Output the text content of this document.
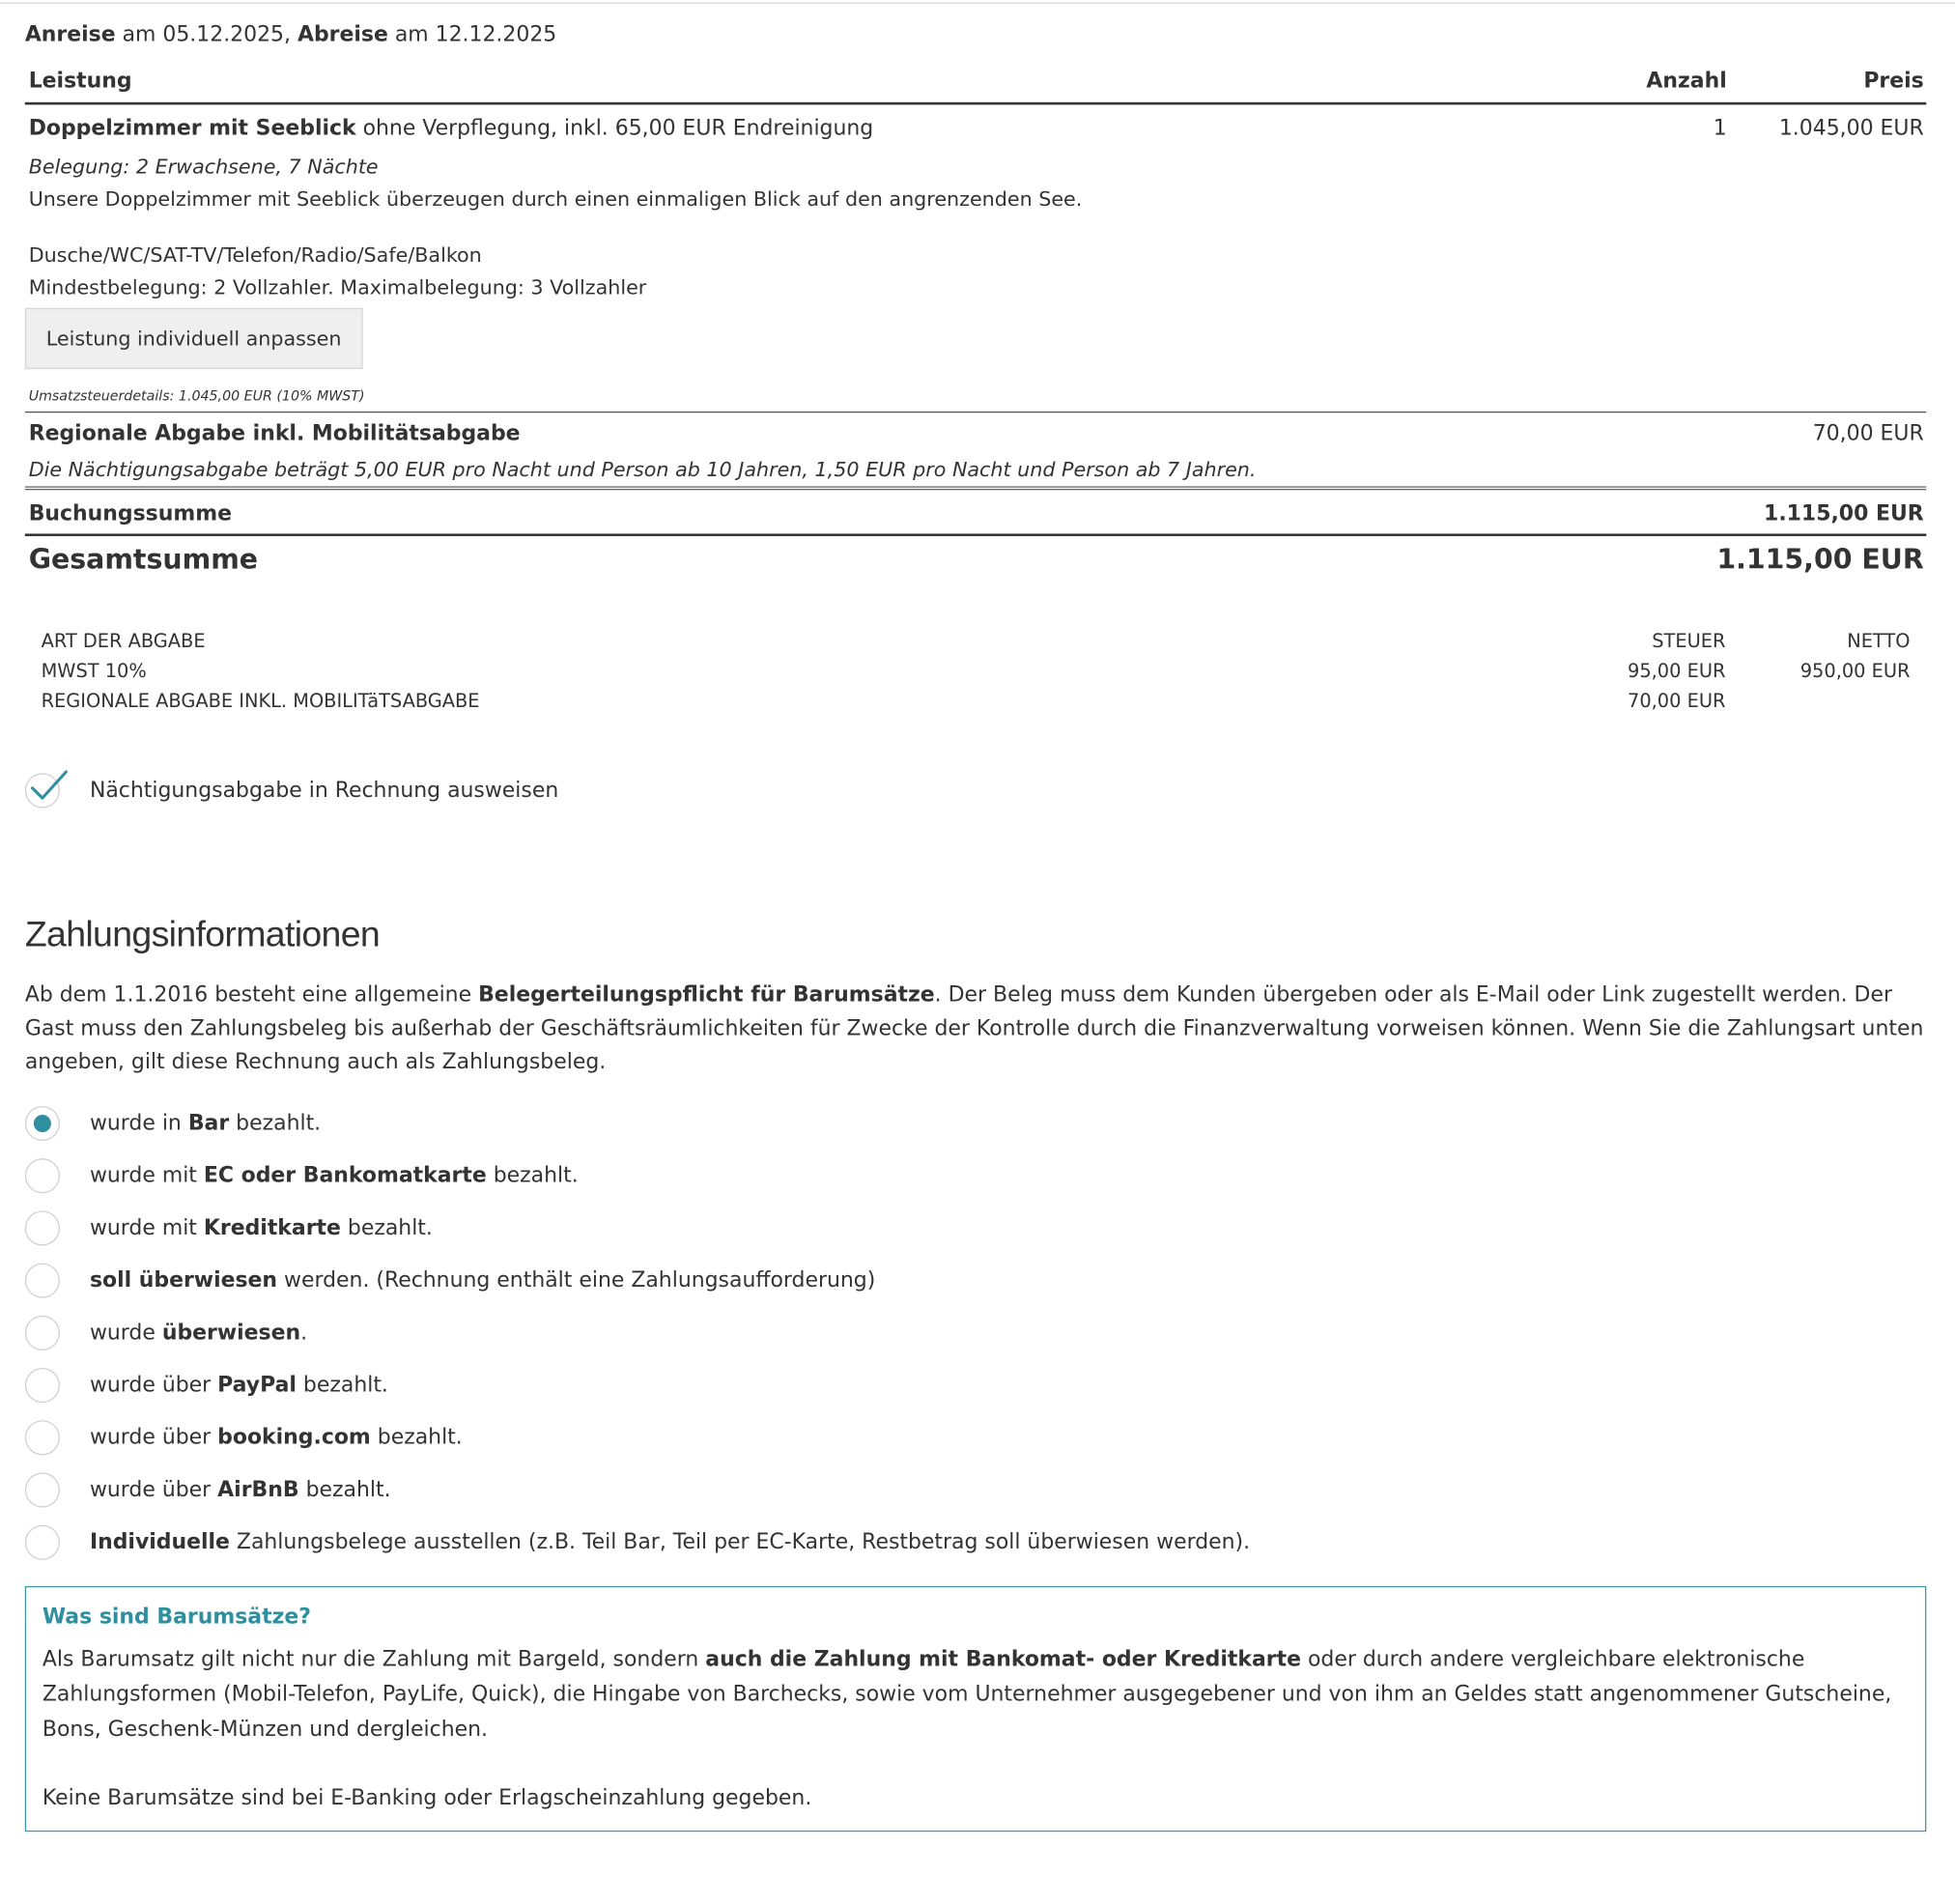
Anreise am 05.12.2025, Abreise am 12.12.2025
Leistung	Anzahl	Preis
Doppelzimmer mit Seeblick ohne Verpflegung, inkl. 65,00 EUR Endreinigung	1	1.045,00 EUR
Belegung: 2 Erwachsene, 7 Nächte
Unsere Doppelzimmer mit Seeblick überzeugen durch einen einmaligen Blick auf den angrenzenden See.
Dusche/WC/SAT-TV/Telefon/Radio/Safe/Balkon
Mindestbelegung: 2 Vollzahler. Maximalbelegung: 3 Vollzahler
Leistung individuell anpassen
Umsatzsteuerdetails: 1.045,00 EUR (10% MWST)
Regionale Abgabe inkl. Mobilitätsabgabe	70,00 EUR
Die Nächtigungsabgabe beträgt 5,00 EUR pro Nacht und Person ab 10 Jahren, 1,50 EUR pro Nacht und Person ab 7 Jahren.
Buchungssumme	1.115,00 EUR
Gesamtsumme	1.115,00 EUR
ART DER ABGABE	STEUER	NETTO
MWST 10%	95,00 EUR	950,00 EUR
REGIONALE ABGABE INKL. MOBILITäTSABGABE	70,00 EUR
Nächtigungsabgabe in Rechnung ausweisen
Zahlungsinformationen
Ab dem 1.1.2016 besteht eine allgemeine Belegerteilungspflicht für Barumsätze. Der Beleg muss dem Kunden übergeben oder als E-Mail oder Link zugestellt werden. Der Gast muss den Zahlungsbeleg bis außerhab der Geschäftsräumlichkeiten für Zwecke der Kontrolle durch die Finanzverwaltung vorweisen können. Wenn Sie die Zahlungsart unten angeben, gilt diese Rechnung auch als Zahlungsbeleg.
wurde in Bar bezahlt.
wurde mit EC oder Bankomatkarte bezahlt.
wurde mit Kreditkarte bezahlt.
soll überwiesen werden. (Rechnung enthält eine Zahlungsaufforderung)
wurde überwiesen.
wurde über PayPal bezahlt.
wurde über booking.com bezahlt.
wurde über AirBnB bezahlt.
Individuelle Zahlungsbelege ausstellen (z.B. Teil Bar, Teil per EC-Karte, Restbetrag soll überwiesen werden).
Was sind Barumsätze?

Als Barumsatz gilt nicht nur die Zahlung mit Bargeld, sondern auch die Zahlung mit Bankomat- oder Kreditkarte oder durch andere vergleichbare elektronische Zahlungsformen (Mobil-Telefon, PayLife, Quick), die Hingabe von Barchecks, sowie vom Unternehmer ausgegebener und von ihm an Geldes statt angenommener Gutscheine, Bons, Geschenk-Münzen und dergleichen.

Keine Barumsätze sind bei E-Banking oder Erlagscheinzahlung gegeben.
